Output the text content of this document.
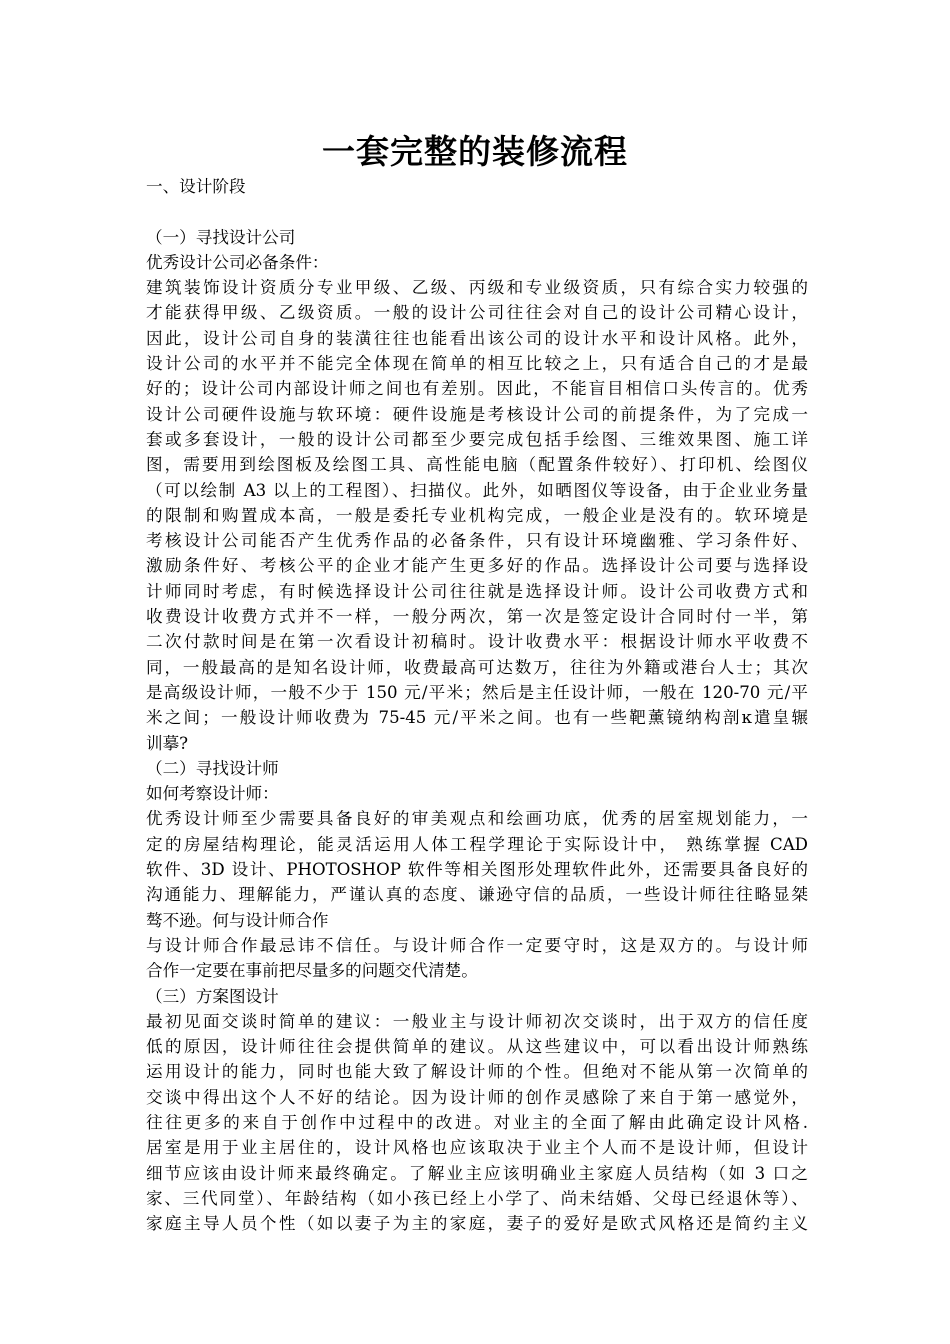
一套完整的装修流程
一、设计阶段
（一）寻找设计公司
优秀设计公司必备条件：
建筑装饰设计资质分专业甲级、乙级、丙级和专业级资质，只有综合实力较强的
才能获得甲级、乙级资质。一般的设计公司往往会对自己的设计公司精心设计，
因此，设计公司自身的装潢往往也能看出该公司的设计水平和设计风格。此外，
设计公司的水平并不能完全体现在简单的相互比较之上，只有适合自己的才是最
好的；设计公司内部设计师之间也有差别。因此，不能盲目相信口头传言的。优秀
设计公司硬件设施与软环境：硬件设施是考核设计公司的前提条件，为了完成一
套或多套设计，一般的设计公司都至少要完成包括手绘图、三维效果图、施工详
图，需要用到绘图板及绘图工具、高性能电脑（配置条件较好）、打印机、绘图仪
（可以绘制 A3 以上的工程图）、扫描仪。此外，如晒图仪等设备，由于企业业务量
的限制和购置成本高，一般是委托专业机构完成，一般企业是没有的。软环境是
考核设计公司能否产生优秀作品的必备条件，只有设计环境幽雅、学习条件好、
激励条件好、考核公平的企业才能产生更多好的作品。选择设计公司要与选择设
计师同时考虑，有时候选择设计公司往往就是选择设计师。设计公司收费方式和
收费设计收费方式并不一样，一般分两次，第一次是签定设计合同时付一半，第
二次付款时间是在第一次看设计初稿时。设计收费水平：根据设计师水平收费不
同，一般最高的是知名设计师，收费最高可达数万，往往为外籍或港台人士；其次
是高级设计师，一般不少于 150 元/平米；然后是主任设计师，一般在 120-70 元/平
米之间；一般设计师收费为 75-45 元/平米之间。也有一些靶薰镜纳构剖ĸ遣皇辗
训摹?
（二）寻找设计师
如何考察设计师：
优秀设计师至少需要具备良好的审美观点和绘画功底，优秀的居室规划能力，一
定的房屋结构理论，能灵活运用人体工程学理论于实际设计中， 熟练掌握 CAD
软件、3D 设计、PHOTOSHOP 软件等相关图形处理软件此外，还需要具备良好的
沟通能力、理解能力，严谨认真的态度、谦逊守信的品质，一些设计师往往略显桀
骜不逊。何与设计师合作
与设计师合作最忌讳不信任。与设计师合作一定要守时，这是双方的。与设计师
合作一定要在事前把尽量多的问题交代清楚。
（三）方案图设计
最初见面交谈时简单的建议：一般业主与设计师初次交谈时，出于双方的信任度
低的原因，设计师往往会提供简单的建议。从这些建议中，可以看出设计师熟练
运用设计的能力，同时也能大致了解设计师的个性。但绝对不能从第一次简单的
交谈中得出这个人不好的结论。因为设计师的创作灵感除了来自于第一感觉外，
往往更多的来自于创作中过程中的改进。对业主的全面了解由此确定设计风格.
居室是用于业主居住的，设计风格也应该取决于业主个人而不是设计师，但设计
细节应该由设计师来最终确定。了解业主应该明确业主家庭人员结构（如 3 口之
家、三代同堂）、年龄结构（如小孩已经上小学了、尚未结婚、父母已经退休等）、
家庭主导人员个性（如以妻子为主的家庭，妻子的爱好是欧式风格还是简约主义
